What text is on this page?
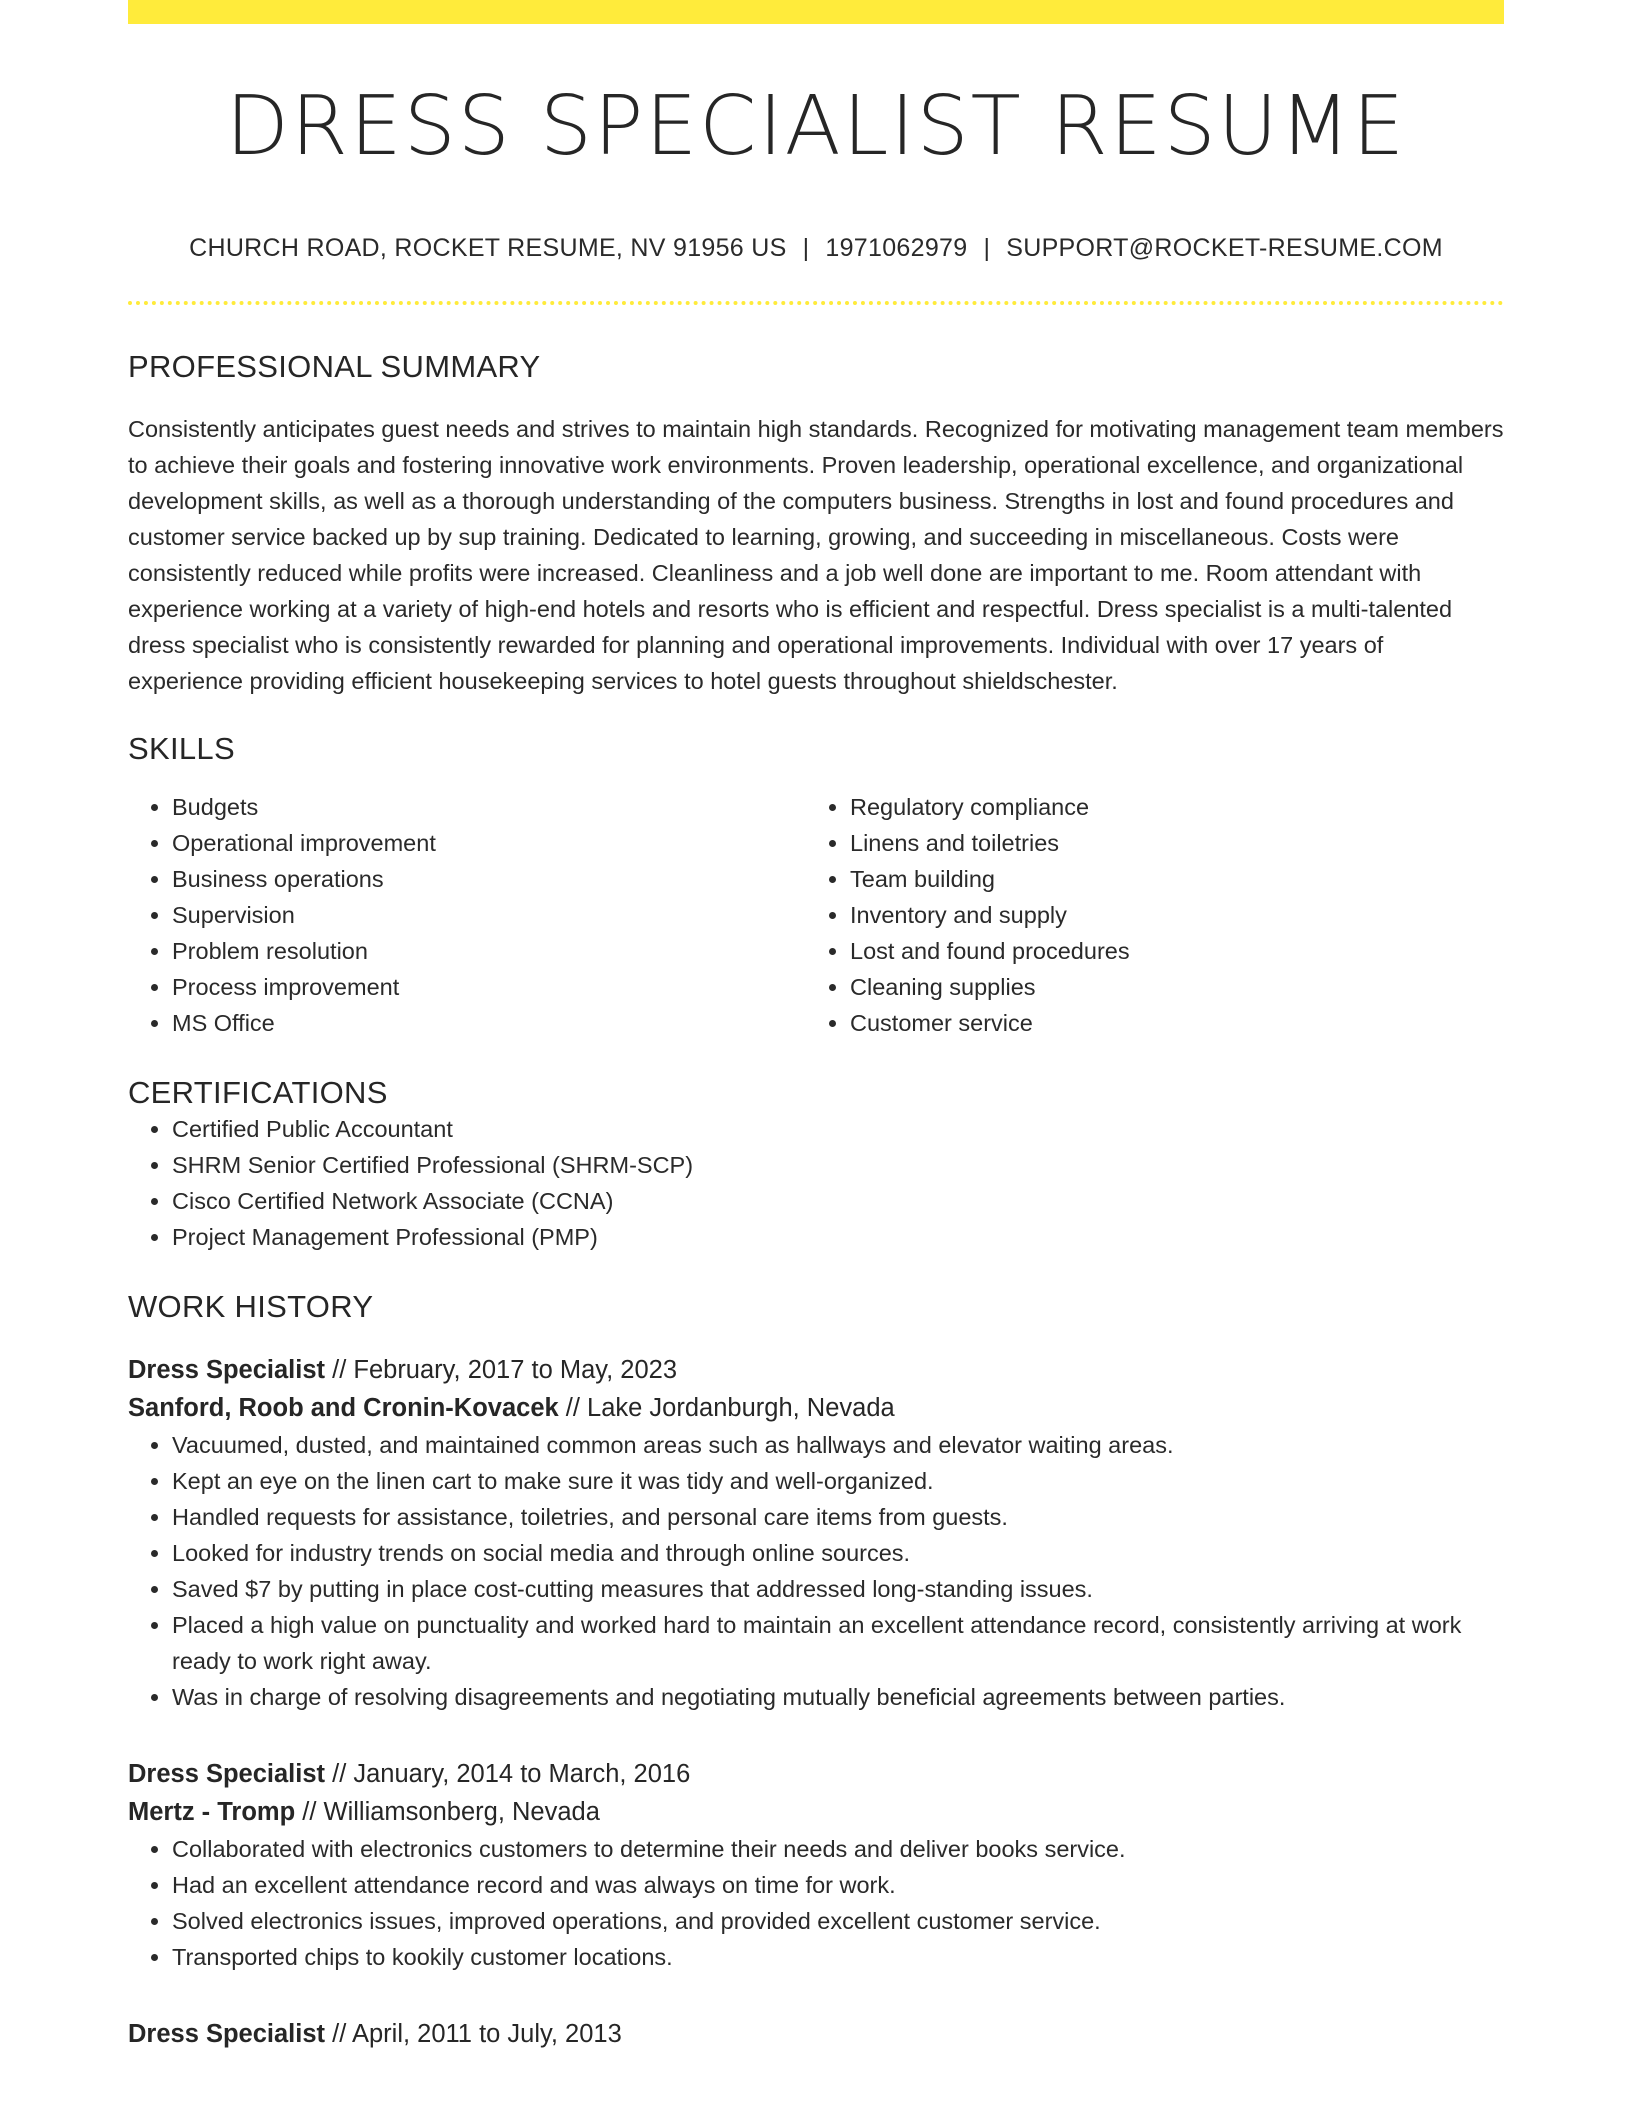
DRESS SPECIALIST RESUME
CHURCH ROAD, ROCKET RESUME, NV 91956 US | 1971062979 | SUPPORT@ROCKET-RESUME.COM
PROFESSIONAL SUMMARY

Consistently anticipates guest needs and strives to maintain high standards. Recognized for motivating management team members to achieve their goals and fostering innovative work environments. Proven leadership, operational excellence, and organizational development skills, as well as a thorough understanding of the computers business. Strengths in lost and found procedures and customer service backed up by sup training. Dedicated to learning, growing, and succeeding in miscellaneous. Costs were consistently reduced while profits were increased. Cleanliness and a job well done are important to me. Room attendant with experience working at a variety of high-end hotels and resorts who is efficient and respectful. Dress specialist is a multi-talented dress specialist who is consistently rewarded for planning and operational improvements. Individual with over 17 years of experience providing efficient housekeeping services to hotel guests throughout shieldschester.

SKILLS
• Budgets
• Operational improvement
• Business operations
• Supervision
• Problem resolution
• Process improvement
• MS Office
• Regulatory compliance
• Linens and toiletries
• Team building
• Inventory and supply
• Lost and found procedures
• Cleaning supplies
• Customer service
CERTIFICATIONS
• Certified Public Accountant
• SHRM Senior Certified Professional (SHRM-SCP)
• Cisco Certified Network Associate (CCNA)
• Project Management Professional (PMP)
WORK HISTORY
Dress Specialist // February, 2017 to May, 2023
Sanford, Roob and Cronin-Kovacek // Lake Jordanburgh, Nevada
• Vacuumed, dusted, and maintained common areas such as hallways and elevator waiting areas.
• Kept an eye on the linen cart to make sure it was tidy and well-organized.
• Handled requests for assistance, toiletries, and personal care items from guests.
• Looked for industry trends on social media and through online sources.
• Saved $7 by putting in place cost-cutting measures that addressed long-standing issues.
• Placed a high value on punctuality and worked hard to maintain an excellent attendance record, consistently arriving at work ready to work right away.
• Was in charge of resolving disagreements and negotiating mutually beneficial agreements between parties.
Dress Specialist // January, 2014 to March, 2016
Mertz - Tromp // Williamsonberg, Nevada
• Collaborated with electronics customers to determine their needs and deliver books service.
• Had an excellent attendance record and was always on time for work.
• Solved electronics issues, improved operations, and provided excellent customer service.
• Transported chips to kookily customer locations.
Dress Specialist // April, 2011 to July, 2013
